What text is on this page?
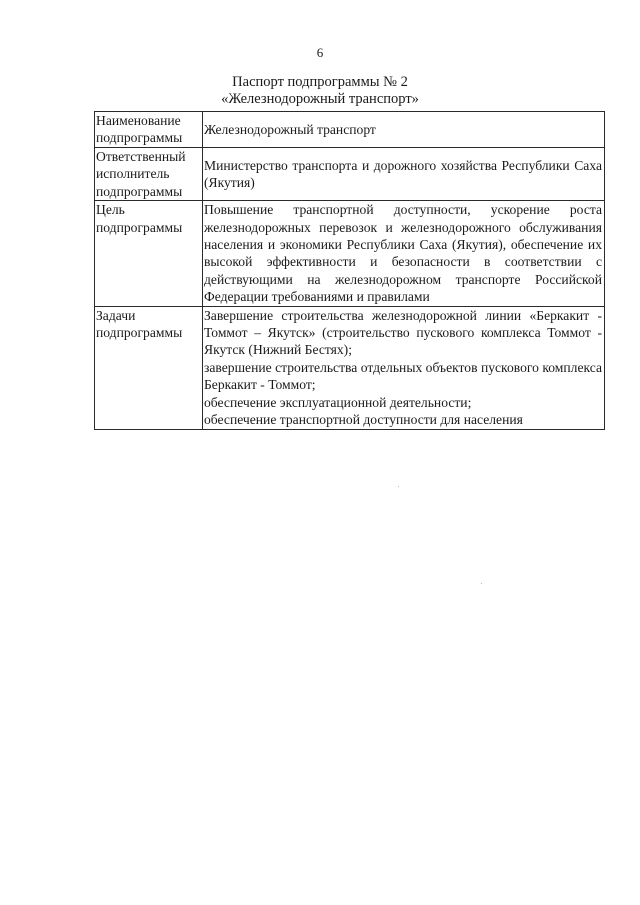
6
Паспорт подпрограммы № 2
«Железнодорожный транспорт»
Наименование
подпрограммы	Железнодорожный транспорт
Ответственный
исполнитель
подпрограммы	Министерство транспорта и дорожного хозяйства Республики Саха (Якутия)
Цель
подпрограммы	Повышение транспортной доступности, ускорение роста железнодорожных перевозок и железнодорожного обслуживания населения и экономики Республики Саха (Якутия), обеспечение их высокой эффективности и безопасности в соответствии с действующими на железнодорожном транспорте Российской Федерации требованиями и правилами
Задачи
подпрограммы	Завершение строительства железнодорожной линии «Беркакит - Томмот – Якутск» (строительство пускового комплекса Томмот - Якутск (Нижний Бестях);
завершение строительства отдельных объектов пускового комплекса Беркакит - Томмот;
обеспечение эксплуатационной деятельности;
обеспечение транспортной доступности для населения
